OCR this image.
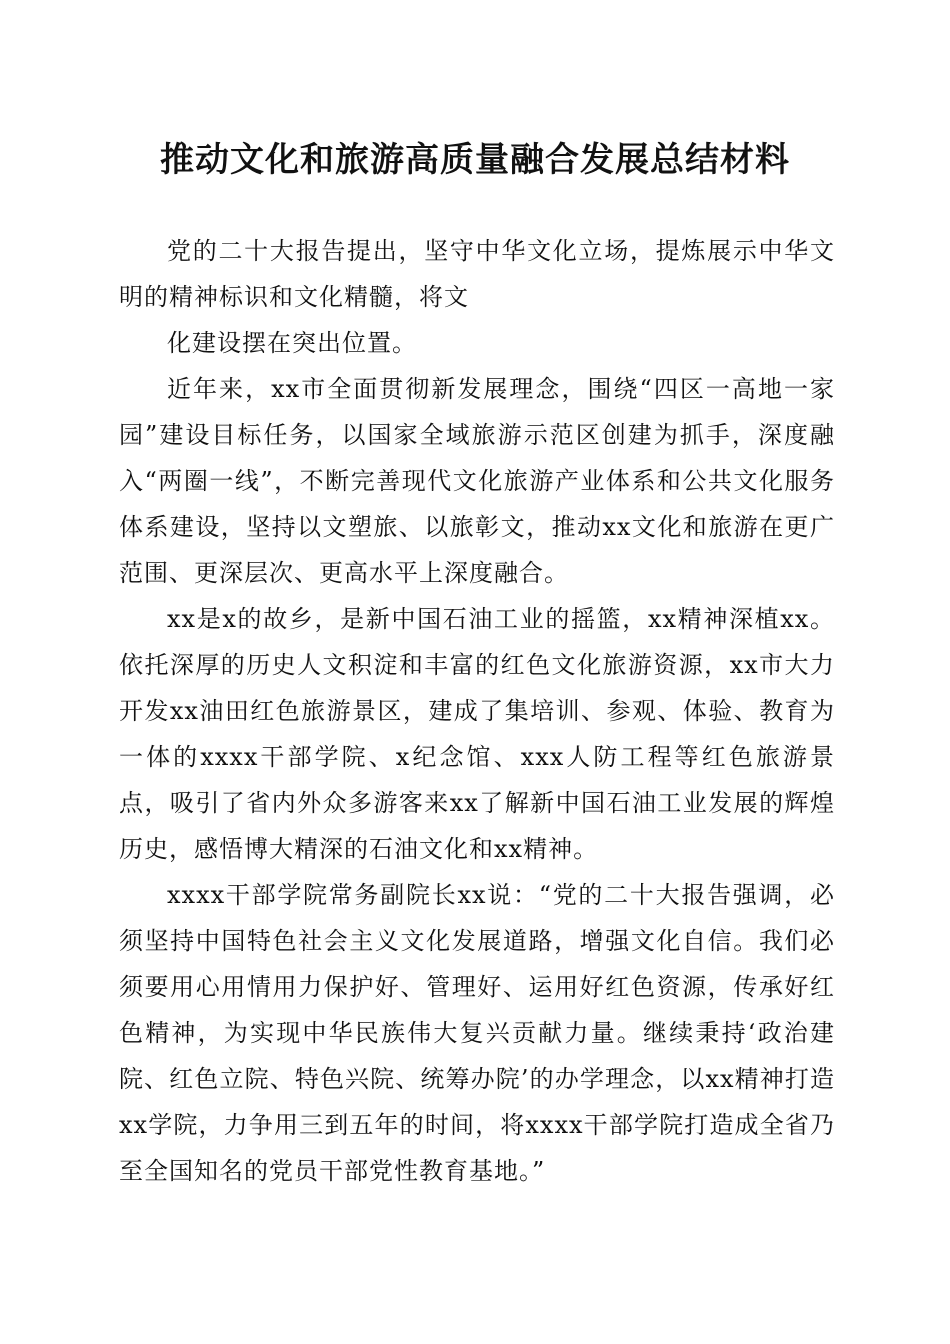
推动文化和旅游高质量融合发展总结材料

党的二十大报告提出，坚守中华文化立场，提炼展示中华文明的精神标识和文化精髓，将文

化建设摆在突出位置。

近年来，xx市全面贯彻新发展理念，围绕“四区一高地一家园”建设目标任务，以国家全域旅游示范区创建为抓手，深度融入“两圈一线”，不断完善现代文化旅游产业体系和公共文化服务体系建设，坚持以文塑旅、以旅彰文，推动xx文化和旅游在更广范围、更深层次、更高水平上深度融合。

xx是x的故乡，是新中国石油工业的摇篮，xx精神深植xx。依托深厚的历史人文积淀和丰富的红色文化旅游资源，xx市大力开发xx油田红色旅游景区，建成了集培训、参观、体验、教育为一体的xxxx干部学院、x纪念馆、xxx人防工程等红色旅游景点，吸引了省内外众多游客来xx了解新中国石油工业发展的辉煌历史，感悟博大精深的石油文化和xx精神。

xxxx干部学院常务副院长xx说：“党的二十大报告强调，必须坚持中国特色社会主义文化发展道路，增强文化自信。我们必须要用心用情用力保护好、管理好、运用好红色资源，传承好红色精神，为实现中华民族伟大复兴贡献力量。继续秉持‘政治建院、红色立院、特色兴院、统筹办院’的办学理念，以xx精神打造xx学院，力争用三到五年的时间，将xxxx干部学院打造成全省乃至全国知名的党员干部党性教育基地。”
